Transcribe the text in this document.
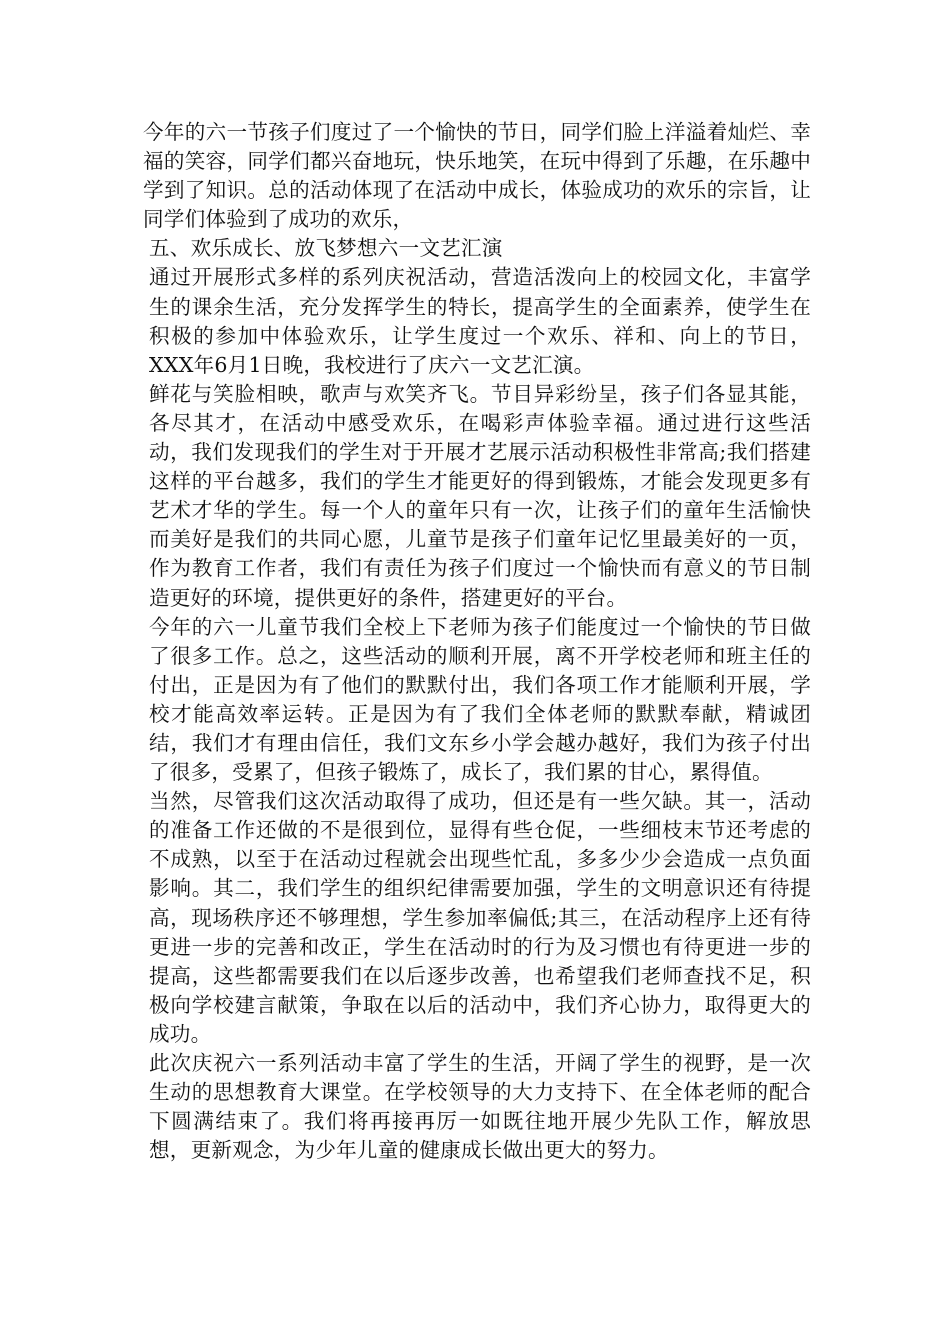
今年的六一节孩子们度过了一个愉快的节日，同学们脸上洋溢着灿烂、幸福的笑容，同学们都兴奋地玩，快乐地笑，在玩中得到了乐趣，在乐趣中学到了知识。总的活动体现了在活动中成长，体验成功的欢乐的宗旨，让同学们体验到了成功的欢乐，

五、欢乐成长、放飞梦想六一文艺汇演

通过开展形式多样的系列庆祝活动，营造活泼向上的校园文化，丰富学生的课余生活，充分发挥学生的特长，提高学生的全面素养，使学生在积极的参加中体验欢乐，让学生度过一个欢乐、祥和、向上的节日，XXX年6月1日晚，我校进行了庆六一文艺汇演。

鲜花与笑脸相映，歌声与欢笑齐飞。节目异彩纷呈，孩子们各显其能，各尽其才，在活动中感受欢乐，在喝彩声体验幸福。通过进行这些活动，我们发现我们的学生对于开展才艺展示活动积极性非常高;我们搭建这样的平台越多，我们的学生才能更好的得到锻炼，才能会发现更多有艺术才华的学生。每一个人的童年只有一次，让孩子们的童年生活愉快而美好是我们的共同心愿，儿童节是孩子们童年记忆里最美好的一页，作为教育工作者，我们有责任为孩子们度过一个愉快而有意义的节日制造更好的环境，提供更好的条件，搭建更好的平台。

今年的六一儿童节我们全校上下老师为孩子们能度过一个愉快的节日做了很多工作。总之，这些活动的顺利开展，离不开学校老师和班主任的付出，正是因为有了他们的默默付出，我们各项工作才能顺利开展，学校才能高效率运转。正是因为有了我们全体老师的默默奉献，精诚团结，我们才有理由信任，我们文东乡小学会越办越好，我们为孩子付出了很多，受累了，但孩子锻炼了，成长了，我们累的甘心，累得值。

当然，尽管我们这次活动取得了成功，但还是有一些欠缺。其一，活动的准备工作还做的不是很到位，显得有些仓促，一些细枝末节还考虑的不成熟，以至于在活动过程就会出现些忙乱，多多少少会造成一点负面影响。其二，我们学生的组织纪律需要加强，学生的文明意识还有待提高，现场秩序还不够理想，学生参加率偏低;其三，在活动程序上还有待更进一步的完善和改正，学生在活动时的行为及习惯也有待更进一步的提高，这些都需要我们在以后逐步改善，也希望我们老师查找不足，积极向学校建言献策，争取在以后的活动中，我们齐心协力，取得更大的成功。

此次庆祝六一系列活动丰富了学生的生活，开阔了学生的视野，是一次生动的思想教育大课堂。在学校领导的大力支持下、在全体老师的配合下圆满结束了。我们将再接再厉一如既往地开展少先队工作，解放思想，更新观念，为少年儿童的健康成长做出更大的努力。
